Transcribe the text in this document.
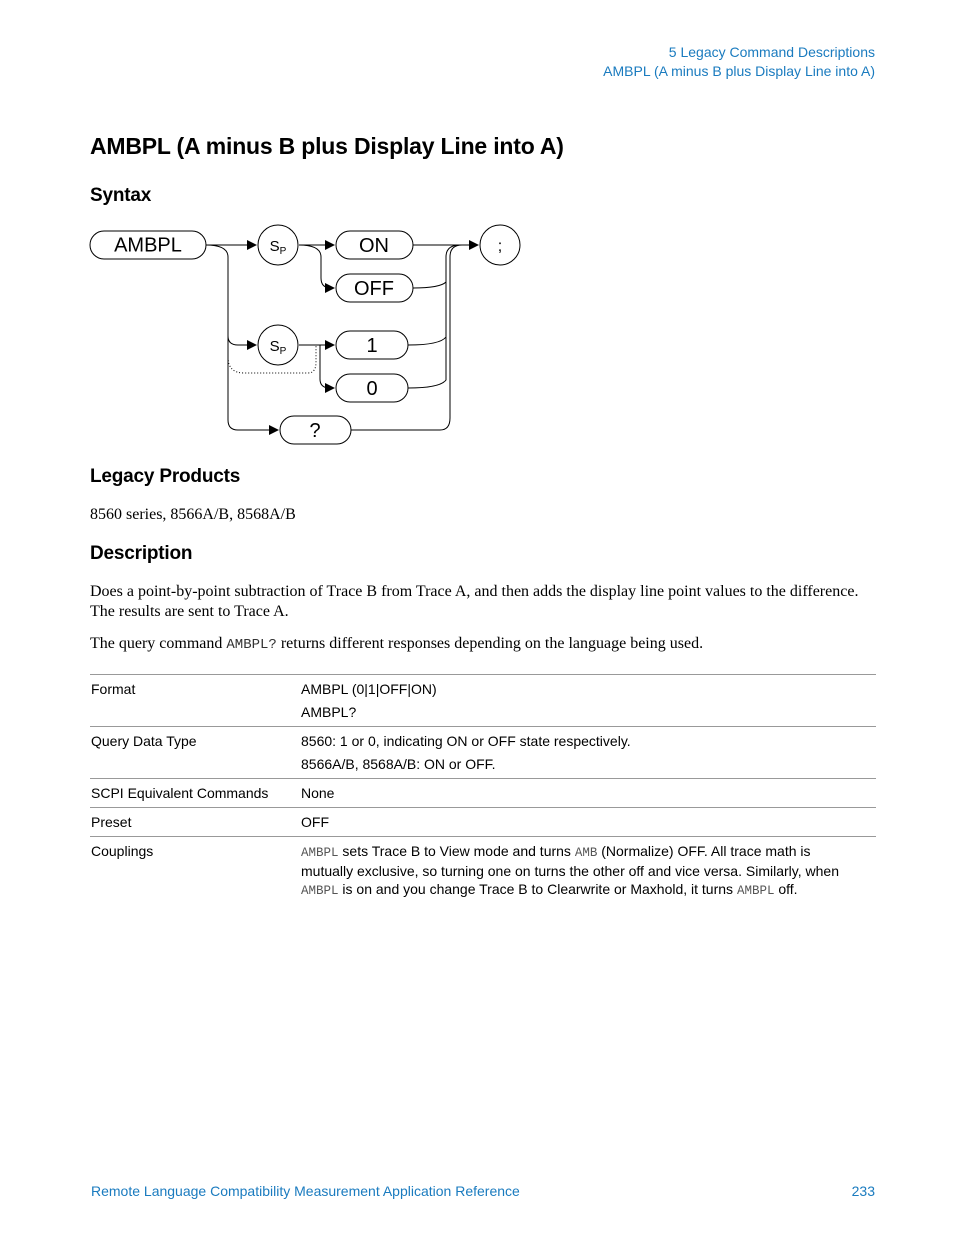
5 Legacy Command Descriptions
AMBPL (A minus B plus Display Line into A)
AMBPL (A minus B plus Display Line into A)
Syntax
AMBPL	$S_P$	ON
OFF
;
$S_P$	1
0
?
Legacy Products

8560 series, 8566A/B, 8568A/B

Description

Does a point-by-point subtraction of Trace B from Trace A, and then adds the display line point values to the difference. The results are sent to Trace A.

The query command AMBPL? returns different responses depending on the language being used.

Format	AMBPL (0|1|OFF|ON)
AMBPL?

Query Data Type	8560: 1 or 0, indicating ON or OFF state respectively.
8566A/B, 8568A/B: ON or OFF.

SCPI Equivalent Commands	None
Preset	OFF
Couplings	AMBPL sets Trace B to View mode and turns AMB (Normalize) OFF. All trace math is mutually exclusive, so turning one on turns the other off and vice versa. Similarly, when AMBPL is on and you change Trace B to Clearwrite or Maxhold, it turns AMBPL off.
Remote Language Compatibility Measurement Application Reference	233
